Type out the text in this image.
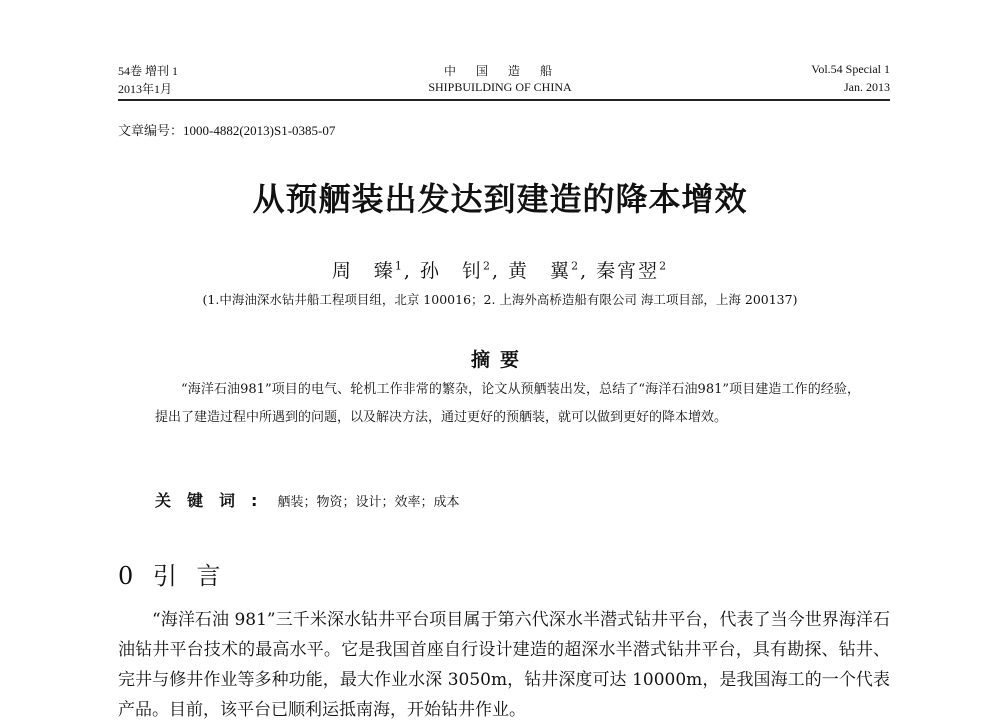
54卷 增刊 1
2013年1月
中　国　造　船
SHIPBUILDING OF CHINA
Vol.54 Special 1
Jan. 2013
文章编号：1000-4882(2013)S1-0385-07
从预舾装出发达到建造的降本增效
周　臻$^1$, 孙　钊$^2$, 黄　翼$^2$, 秦宵翌$^2$
(1.中海油深水钻井船工程项目组，北京 100016；2. 上海外高桥造船有限公司 海工项目部，上海 200137)
摘要
“海洋石油981”项目的电气、轮机工作非常的繁杂，论文从预舾装出发，总结了“海洋石油981”项目建造工作的经验，提出了建造过程中所遇到的问题，以及解决方法，通过更好的预舾装，就可以做到更好的降本增效。
关键词: 舾装；物资；设计；效率；成本
0 引 言
“海洋石油 981”三千米深水钻井平台项目属于第六代深水半潜式钻井平台，代表了当今世界海洋石油钻井平台技术的最高水平。它是我国首座自行设计建造的超深水半潜式钻井平台，具有勘探、钻井、完井与修井作业等多种功能，最大作业水深 3050m，钻井深度可达 10000m，是我国海工的一个代表产品。目前，该平台已顺利运抵南海，开始钻井作业。
